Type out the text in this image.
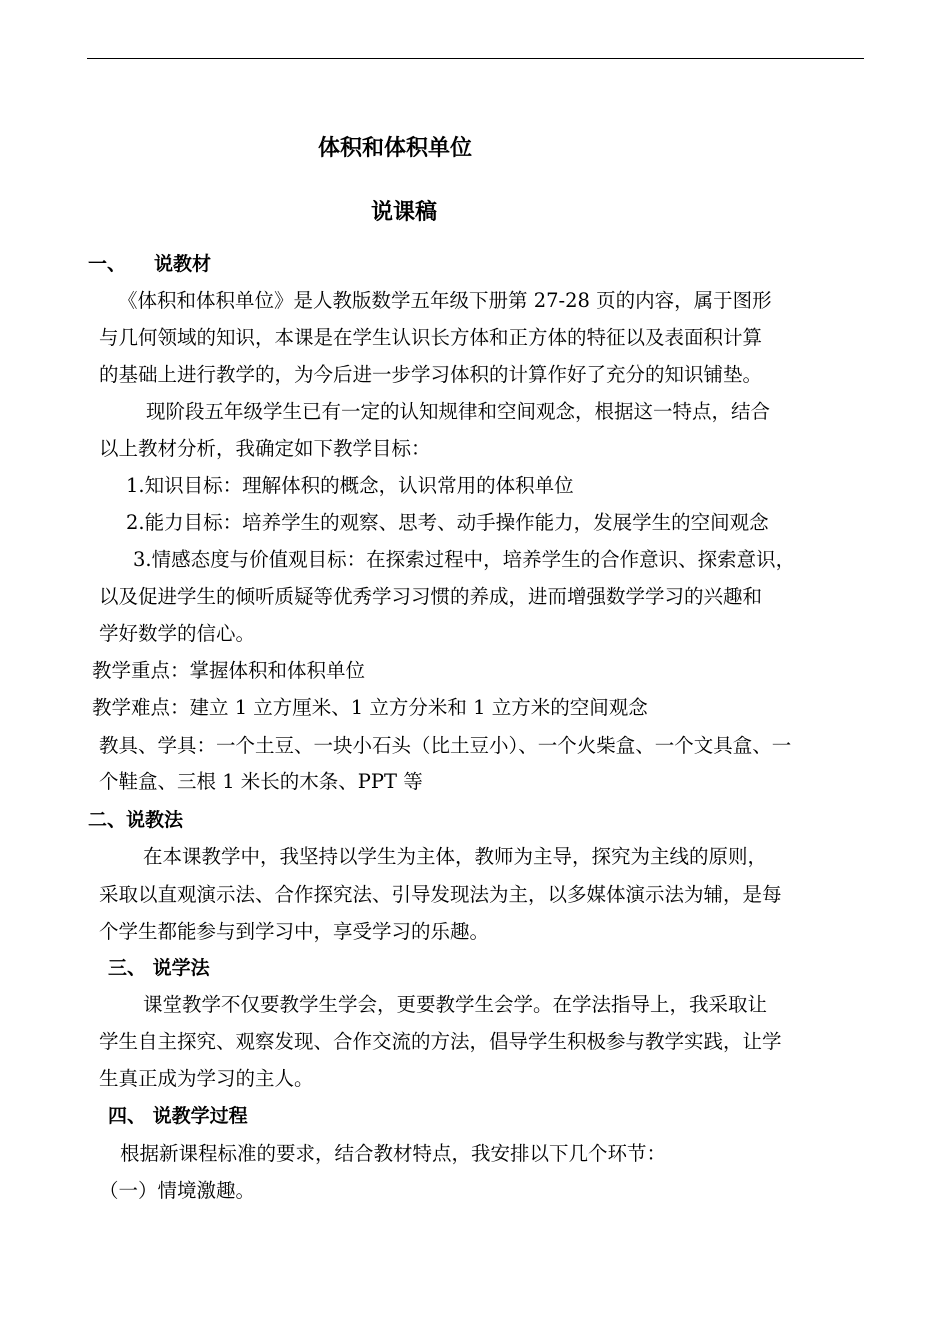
体积和体积单位
说课稿
一、 说教材
《体积和体积单位》是人教版数学五年级下册第 27-28 页的内容，属于图形
与几何领域的知识，本课是在学生认识长方体和正方体的特征以及表面积计算
的基础上进行教学的，为今后进一步学习体积的计算作好了充分的知识铺垫。
现阶段五年级学生已有一定的认知规律和空间观念，根据这一特点，结合
以上教材分析，我确定如下教学目标：
1.知识目标：理解体积的概念，认识常用的体积单位
2.能力目标：培养学生的观察、思考、动手操作能力，发展学生的空间观念
3.情感态度与价值观目标：在探索过程中，培养学生的合作意识、探索意识，
以及促进学生的倾听质疑等优秀学习习惯的养成，进而增强数学学习的兴趣和
学好数学的信心。
教学重点：掌握体积和体积单位
教学难点：建立 1 立方厘米、1 立方分米和 1 立方米的空间观念
教具、学具：一个土豆、一块小石头（比土豆小）、一个火柴盒、一个文具盒、一
个鞋盒、三根 1 米长的木条、PPT 等
二、说教法
在本课教学中，我坚持以学生为主体，教师为主导，探究为主线的原则，
采取以直观演示法、合作探究法、引导发现法为主，以多媒体演示法为辅，是每
个学生都能参与到学习中，享受学习的乐趣。
三、 说学法
课堂教学不仅要教学生学会，更要教学生会学。在学法指导上，我采取让
学生自主探究、观察发现、合作交流的方法，倡导学生积极参与教学实践，让学
生真正成为学习的主人。
四、 说教学过程
根据新课程标准的要求，结合教材特点，我安排以下几个环节：
（一）情境激趣。
